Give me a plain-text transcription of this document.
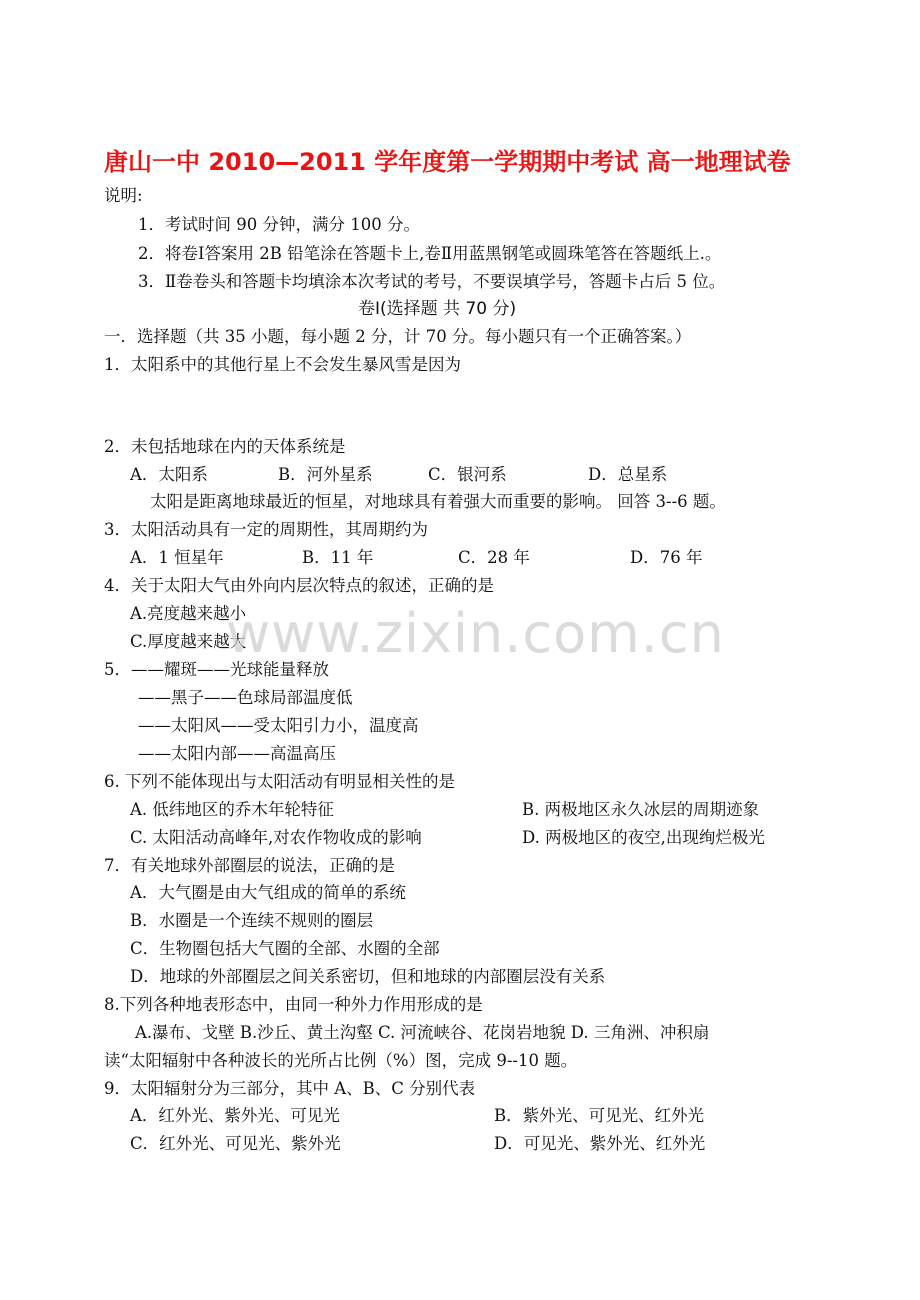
唐山一中 2010—2011 学年度第一学期期中考试 高一地理试卷
说明:
1．考试时间 90 分钟，满分 100 分。
2．将卷Ⅰ答案用 2B 铅笔涂在答题卡上,卷Ⅱ用蓝黑钢笔或圆珠笔答在答题纸上.。
3．Ⅱ卷卷头和答题卡均填涂本次考试的考号，不要误填学号，答题卡占后 5 位。
卷Ⅰ(选择题 共 70 分)
一．选择题（共 35 小题，每小题 2 分，计 70 分。每小题只有一个正确答案。）
1．太阳系中的其他行星上不会发生暴风雪是因为
2．未包括地球在内的天体系统是
A．太阳系	B．河外星系	C．银河系	D．总星系
太阳是距离地球最近的恒星，对地球具有着强大而重要的影响。 回答 3--6 题。
3．太阳活动具有一定的周期性，其周期约为
A．1 恒星年	B．11 年	C．28 年	D．76 年
4．关于太阳大气由外向内层次特点的叙述，正确的是
A.亮度越来越小
C.厚度越来越大
5．——耀斑——光球能量释放
——黑子——色球局部温度低
——太阳风——受太阳引力小，温度高
——太阳内部——高温高压
6. 下列不能体现出与太阳活动有明显相关性的是
A. 低纬地区的乔木年轮特征	B. 两极地区永久冰层的周期迹象
C. 太阳活动高峰年,对农作物收成的影响	D. 两极地区的夜空,出现绚烂极光
7．有关地球外部圈层的说法，正确的是
A．大气圈是由大气组成的简单的系统
B．水圈是一个连续不规则的圈层
C．生物圈包括大气圈的全部、水圈的全部
D．地球的外部圈层之间关系密切，但和地球的内部圈层没有关系
8.下列各种地表形态中，由同一种外力作用形成的是
A.瀑布、戈壁 B.沙丘、黄土沟壑 C. 河流峡谷、花岗岩地貌 D. 三角洲、冲积扇
读“太阳辐射中各种波长的光所占比例（%）图，完成 9--10 题。
9．太阳辐射分为三部分，其中 A、B、C 分别代表
A．红外光、紫外光、可见光	B．紫外光、可见光、红外光
C．红外光、可见光、紫外光	D．可见光、紫外光、红外光
www.zixin.com.cn
